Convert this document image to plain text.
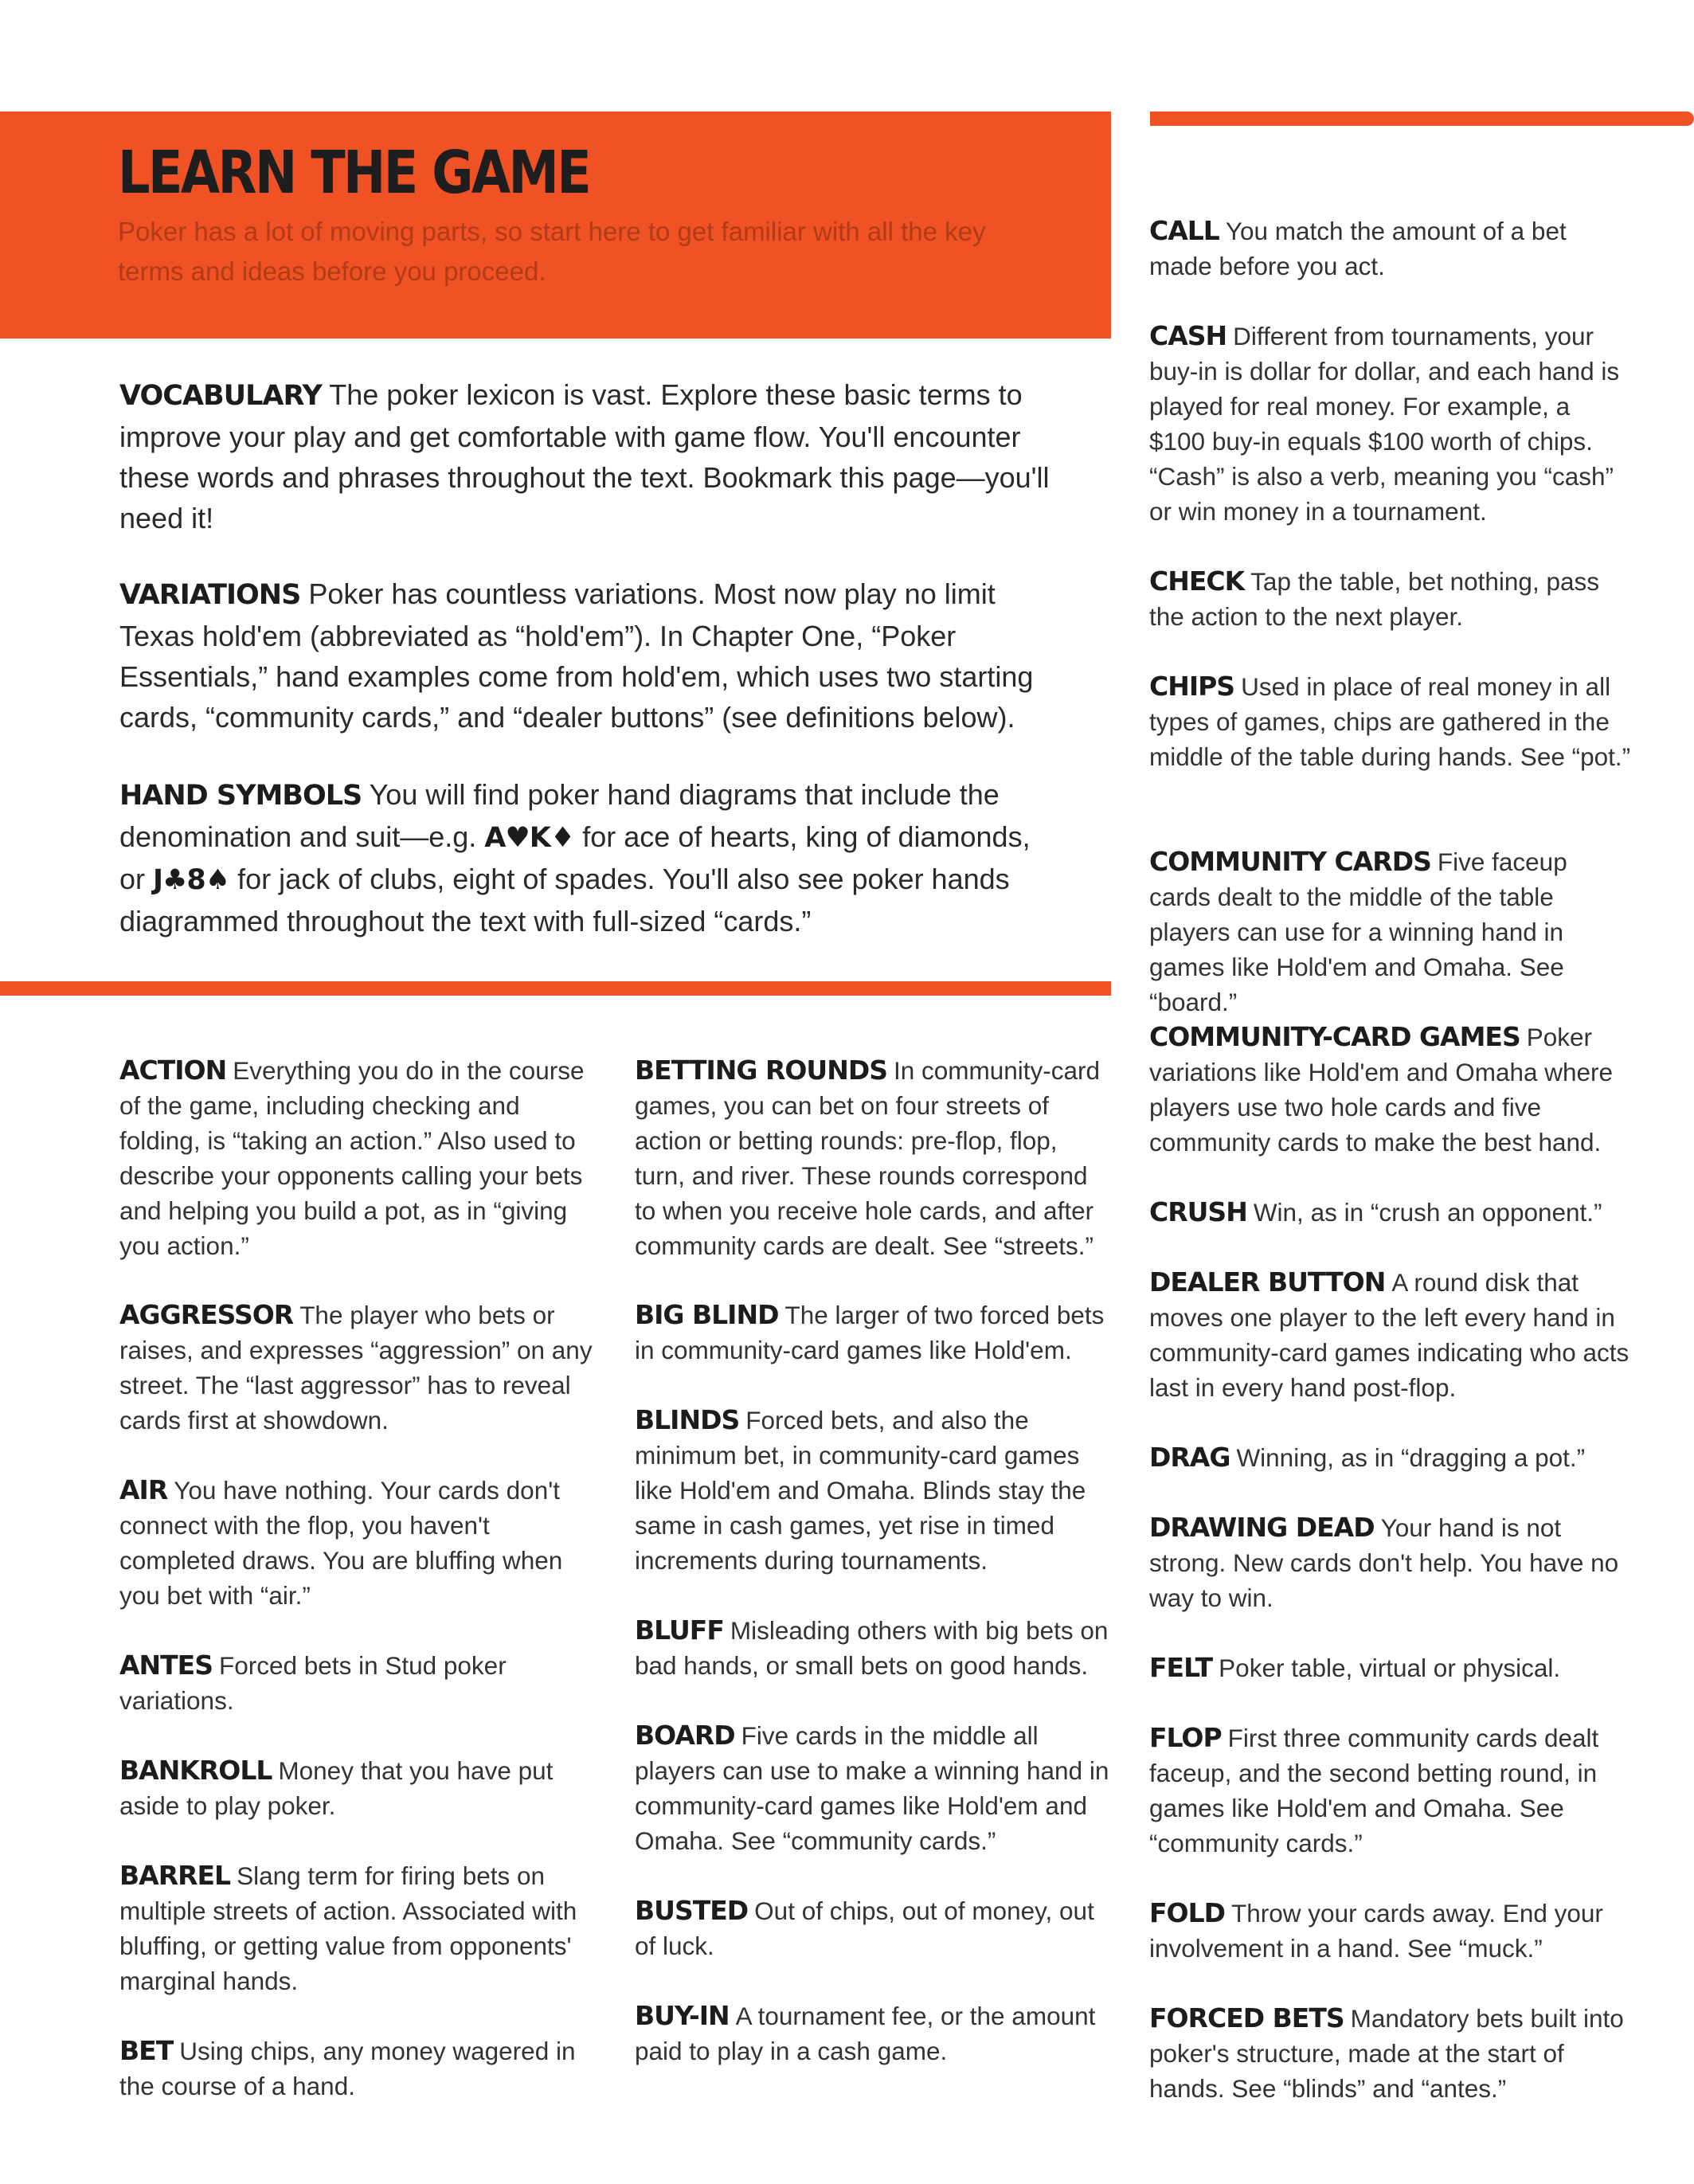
LEARN THE GAME
Poker has a lot of moving parts, so start here to get familiar with all the key terms and ideas before you proceed.
VOCABULARY The poker lexicon is vast. Explore these basic terms to improve your play and get comfortable with game flow. You'll encounter these words and phrases throughout the text. Bookmark this page—you'll need it!
VARIATIONS Poker has countless variations. Most now play no limit Texas hold'em (abbreviated as “hold'em”). In Chapter One, “Poker Essentials,” hand examples come from hold'em, which uses two starting cards, “community cards,” and “dealer buttons” (see definitions below).
HAND SYMBOLS You will find poker hand diagrams that include the denomination and suit—e.g. A♥K♦ for ace of hearts, king of diamonds, or J♣8♠ for jack of clubs, eight of spades. You'll also see poker hands diagrammed throughout the text with full-sized “cards.”
ACTION Everything you do in the course of the game, including checking and folding, is “taking an action.” Also used to describe your opponents calling your bets and helping you build a pot, as in “giving you action.”
AGGRESSOR The player who bets or raises, and expresses “aggression” on any street. The “last aggressor” has to reveal cards first at showdown.
AIR You have nothing. Your cards don't connect with the flop, you haven't completed draws. You are bluffing when you bet with “air.”
ANTES Forced bets in Stud poker variations.
BANKROLL Money that you have put aside to play poker.
BARREL Slang term for firing bets on multiple streets of action. Associated with bluffing, or getting value from opponents' marginal hands.
BET Using chips, any money wagered in the course of a hand.
BETTING ROUNDS In community-card games, you can bet on four streets of action or betting rounds: pre-flop, flop, turn, and river. These rounds correspond to when you receive hole cards, and after community cards are dealt. See “streets.”
BIG BLIND The larger of two forced bets in community-card games like Hold'em.
BLINDS Forced bets, and also the minimum bet, in community-card games like Hold'em and Omaha. Blinds stay the same in cash games, yet rise in timed increments during tournaments.
BLUFF Misleading others with big bets on bad hands, or small bets on good hands.
BOARD Five cards in the middle all players can use to make a winning hand in community-card games like Hold'em and Omaha. See “community cards.”
BUSTED Out of chips, out of money, out of luck.
BUY-IN A tournament fee, or the amount paid to play in a cash game.
CALL You match the amount of a bet made before you act.
CASH Different from tournaments, your buy-in is dollar for dollar, and each hand is played for real money. For example, a $100 buy-in equals $100 worth of chips. “Cash” is also a verb, meaning you “cash” or win money in a tournament.
CHECK Tap the table, bet nothing, pass the action to the next player.
CHIPS Used in place of real money in all types of games, chips are gathered in the middle of the table during hands. See “pot.”
COMMUNITY CARDS Five faceup cards dealt to the middle of the table players can use for a winning hand in games like Hold'em and Omaha. See “board.”
COMMUNITY-CARD GAMES Poker variations like Hold'em and Omaha where players use two hole cards and five community cards to make the best hand.
CRUSH Win, as in “crush an opponent.”
DEALER BUTTON A round disk that moves one player to the left every hand in community-card games indicating who acts last in every hand post-flop.
DRAG Winning, as in “dragging a pot.”
DRAWING DEAD Your hand is not strong. New cards don't help. You have no way to win.
FELT Poker table, virtual or physical.
FLOP First three community cards dealt faceup, and the second betting round, in games like Hold'em and Omaha. See “community cards.”
FOLD Throw your cards away. End your involvement in a hand. See “muck.”
FORCED BETS Mandatory bets built into poker's structure, made at the start of hands. See “blinds” and “antes.”
